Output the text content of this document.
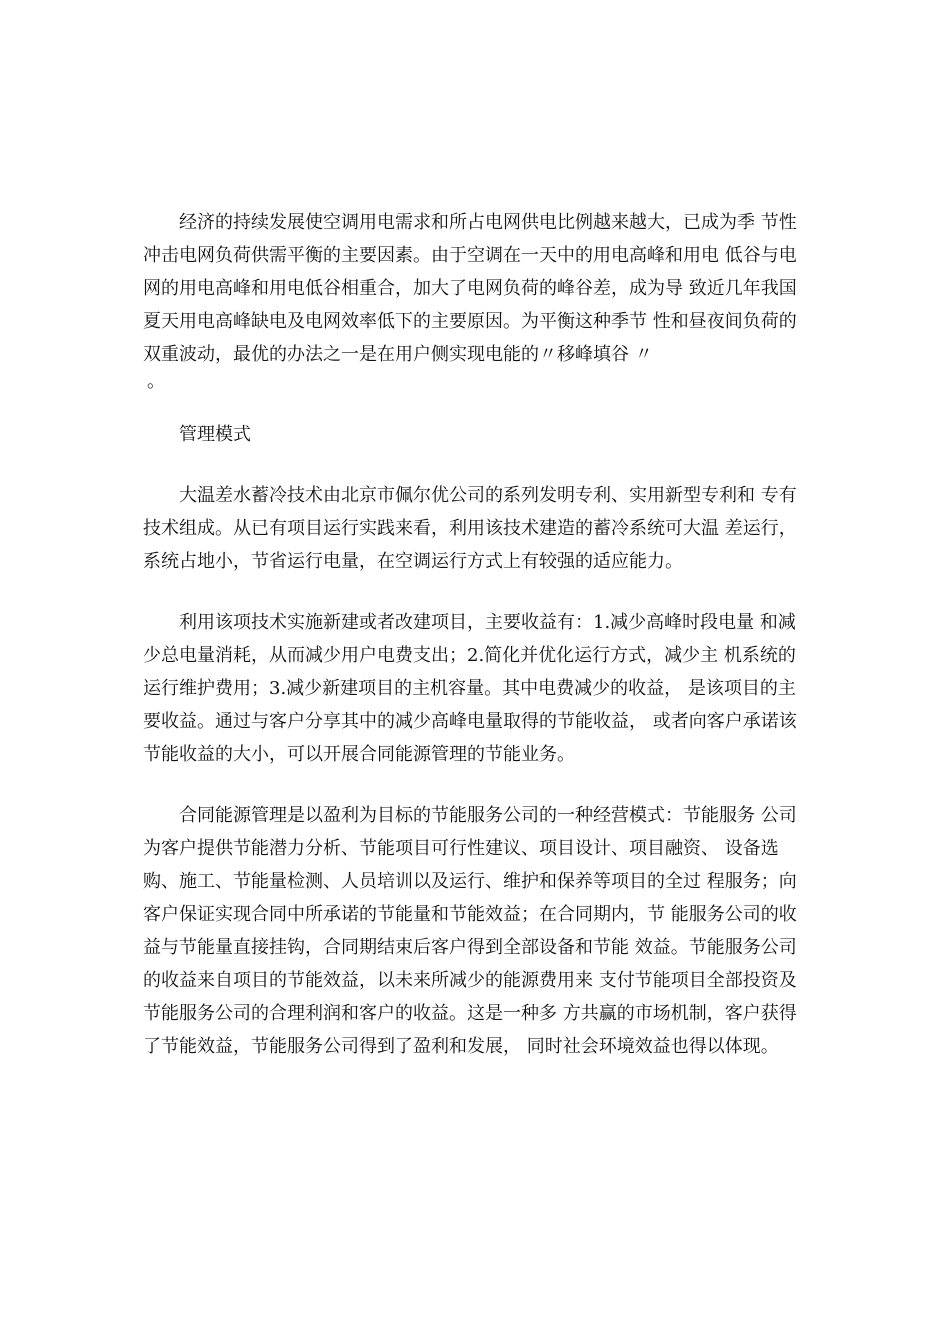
经济的持续发展使空调用电需求和所占电网供电比例越来越大，已成为季 节性
冲击电网负荷供需平衡的主要因素。由于空调在一天中的用电高峰和用电 低谷与电
网的用电高峰和用电低谷相重合，加大了电网负荷的峰谷差，成为导 致近几年我国
夏天用电高峰缺电及电网效率低下的主要原因。为平衡这种季节 性和昼夜间负荷的
双重波动，最优的办法之一是在用户侧实现电能的〃移峰填谷 〃
。

管理模式

大温差水蓄冷技术由北京市佩尔优公司的系列发明专利、实用新型专利和 专有
技术组成。从已有项目运行实践来看，利用该技术建造的蓄冷系统可大温 差运行，
系统占地小，节省运行电量，在空调运行方式上有较强的适应能力。
利用该项技术实施新建或者改建项目，主要收益有：1.减少高峰时段电量 和减
少总电量消耗，从而减少用户电费支出；2.简化并优化运行方式，减少主 机系统的
运行维护费用；3.减少新建项目的主机容量。其中电费减少的收益， 是该项目的主
要收益。通过与客户分享其中的减少高峰电量取得的节能收益， 或者向客户承诺该
节能收益的大小，可以开展合同能源管理的节能业务。
合同能源管理是以盈利为目标的节能服务公司的一种经营模式：节能服务 公司
为客户提供节能潜力分析、节能项目可行性建议、项目设计、项目融资、 设备选
购、施工、节能量检测、人员培训以及运行、维护和保养等项目的全过 程服务；向
客户保证实现合同中所承诺的节能量和节能效益；在合同期内，节 能服务公司的收
益与节能量直接挂钩，合同期结束后客户得到全部设备和节能 效益。节能服务公司
的收益来自项目的节能效益，以未来所减少的能源费用来 支付节能项目全部投资及
节能服务公司的合理利润和客户的收益。这是一种多 方共赢的市场机制，客户获得
了节能效益，节能服务公司得到了盈利和发展， 同时社会环境效益也得以体现。
